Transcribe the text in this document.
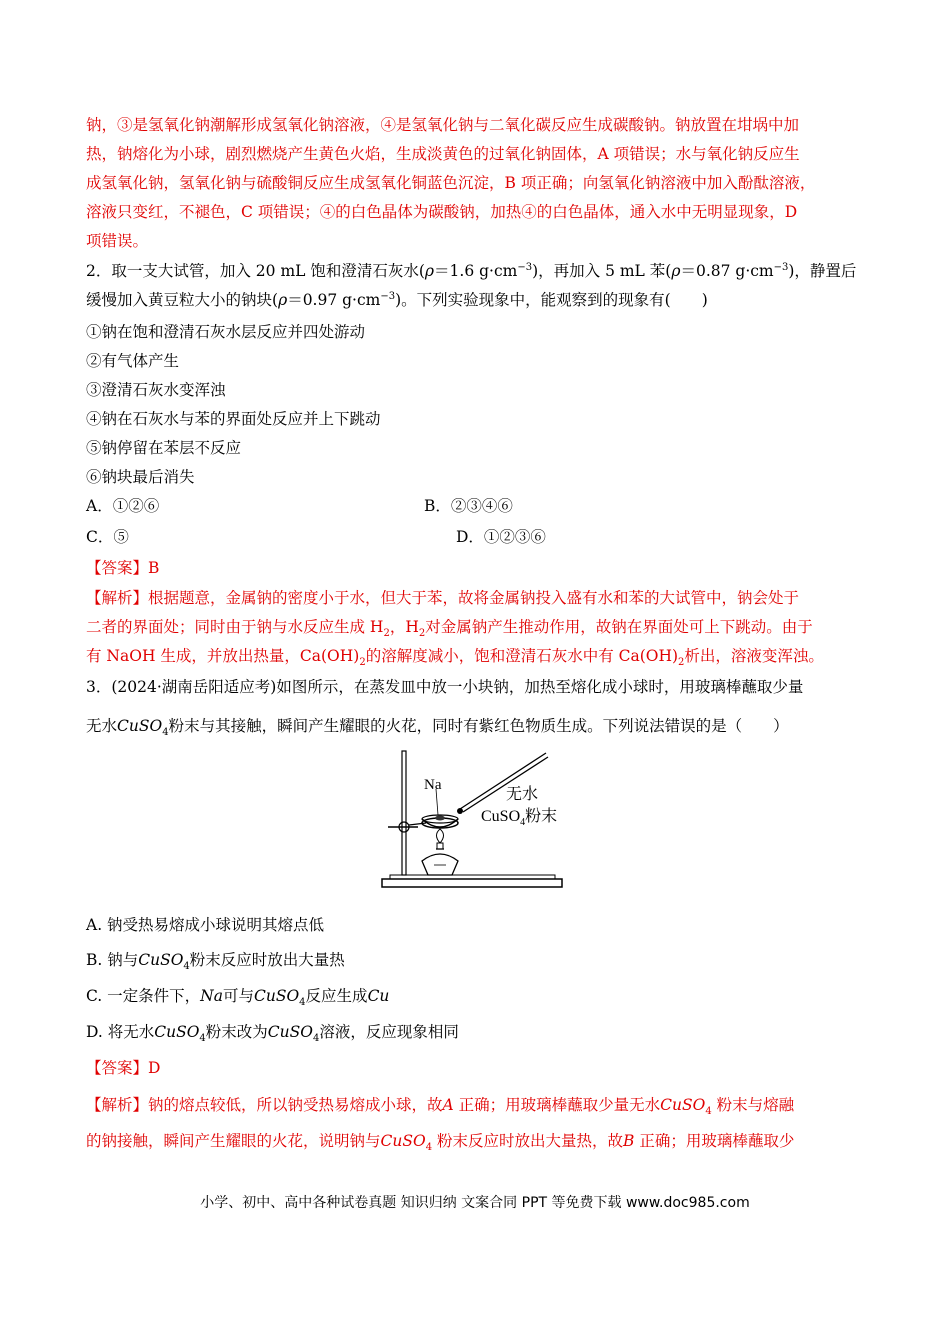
钠，③是氢氧化钠潮解形成氢氧化钠溶液，④是氢氧化钠与二氧化碳反应生成碳酸钠。钠放置在坩埚中加
热，钠熔化为小球，剧烈燃烧产生黄色火焰，生成淡黄色的过氧化钠固体，A 项错误；水与氧化钠反应生
成氢氧化钠，氢氧化钠与硫酸铜反应生成氢氧化铜蓝色沉淀，B 项正确；向氢氧化钠溶液中加入酚酞溶液，
溶液只变红，不褪色，C 项错误；④的白色晶体为碳酸钠，加热④的白色晶体，通入水中无明显现象，D
项错误。
2．取一支大试管，加入 20 mL 饱和澄清石灰水(ρ＝1.6 $g\cdot cm^{-3}$)，再加入 5 mL 苯(ρ＝0.87 $g\cdot cm^{-3}$)，静置后
缓慢加入黄豆粒大小的钠块(ρ＝0.97 $g\cdot cm^{-3}$)。下列实验现象中，能观察到的现象有(　　)
①钠在饱和澄清石灰水层反应并四处游动
②有气体产生
③澄清石灰水变浑浊
④钠在石灰水与苯的界面处反应并上下跳动
⑤钠停留在苯层不反应
⑥钠块最后消失
A．①②⑥	B．②③④⑥
C．⑤	D．①②③⑥
【答案】B
【解析】根据题意，金属钠的密度小于水，但大于苯，故将金属钠投入盛有水和苯的大试管中，钠会处于
二者的界面处；同时由于钠与水反应生成 $H_2$，$H_2$对金属钠产生推动作用，故钠在界面处可上下跳动。由于
有 NaOH 生成，并放出热量，$Ca(OH)_2$的溶解度减小，饱和澄清石灰水中有 $Ca(OH)_2$析出，溶液变浑浊。
3．(2024·湖南岳阳适应考)如图所示，在蒸发皿中放一小块钠，加热至熔化成小球时，用玻璃棒蘸取少量
无水CuSO$_4$粉末与其接触，瞬间产生耀眼的火花，同时有紫红色物质生成。下列说法错误的是（　　）
Na
无水
CuSO$_4$粉末
A. 钠受热易熔成小球说明其熔点低
B. 钠与CuSO$_4$粉末反应时放出大量热
C. 一定条件下，Na可与CuSO$_4$反应生成Cu
D. 将无水CuSO$_4$粉末改为CuSO$_4$溶液，反应现象相同
【答案】D
【解析】钠的熔点较低，所以钠受热易熔成小球，故A 正确；用玻璃棒蘸取少量无水CuSO$_4$ 粉末与熔融
的钠接触，瞬间产生耀眼的火花，说明钠与CuSO$_4$ 粉末反应时放出大量热，故B 正确；用玻璃棒蘸取少
小学、初中、高中各种试卷真题 知识归纳 文案合同 PPT 等免费下载 www.doc985.com
